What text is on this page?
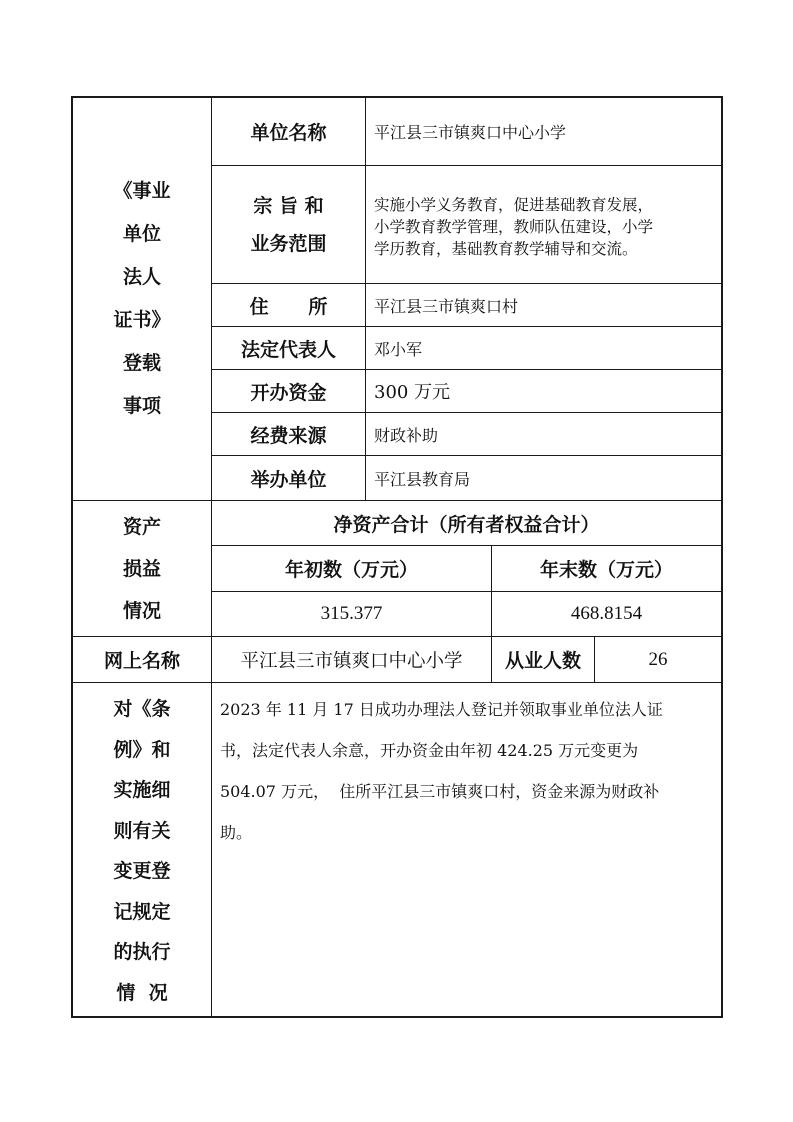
《事业
单位
法人
证书》
登载
事项
单位名称	平江县三市镇爽口中心小学
宗 旨 和
业务范围
实施小学义务教育，促进基础教育发展，
小学教育教学管理，教师队伍建设，小学
学历教育，基础教育教学辅导和交流。
住      所	平江县三市镇爽口村
法定代表人 邓小军
开办资金	300 万元
经费来源	财政补助
举办单位	平江县教育局
资产
损益
情况
净资产合计（所有者权益合计）
年初数（万元）	年末数（万元）
315.377	468.8154
网上名称	平江县三市镇爽口中心小学 从业人数	26
对《条
例》和
实施细
则有关
变更登
记规定
的执行
情  况
2023 年 11 月 17 日成功办理法人登记并领取事业单位法人证
书，法定代表人余意，开办资金由年初 424.25 万元变更为
504.07 万元，  住所平江县三市镇爽口村，资金来源为财政补
助。
